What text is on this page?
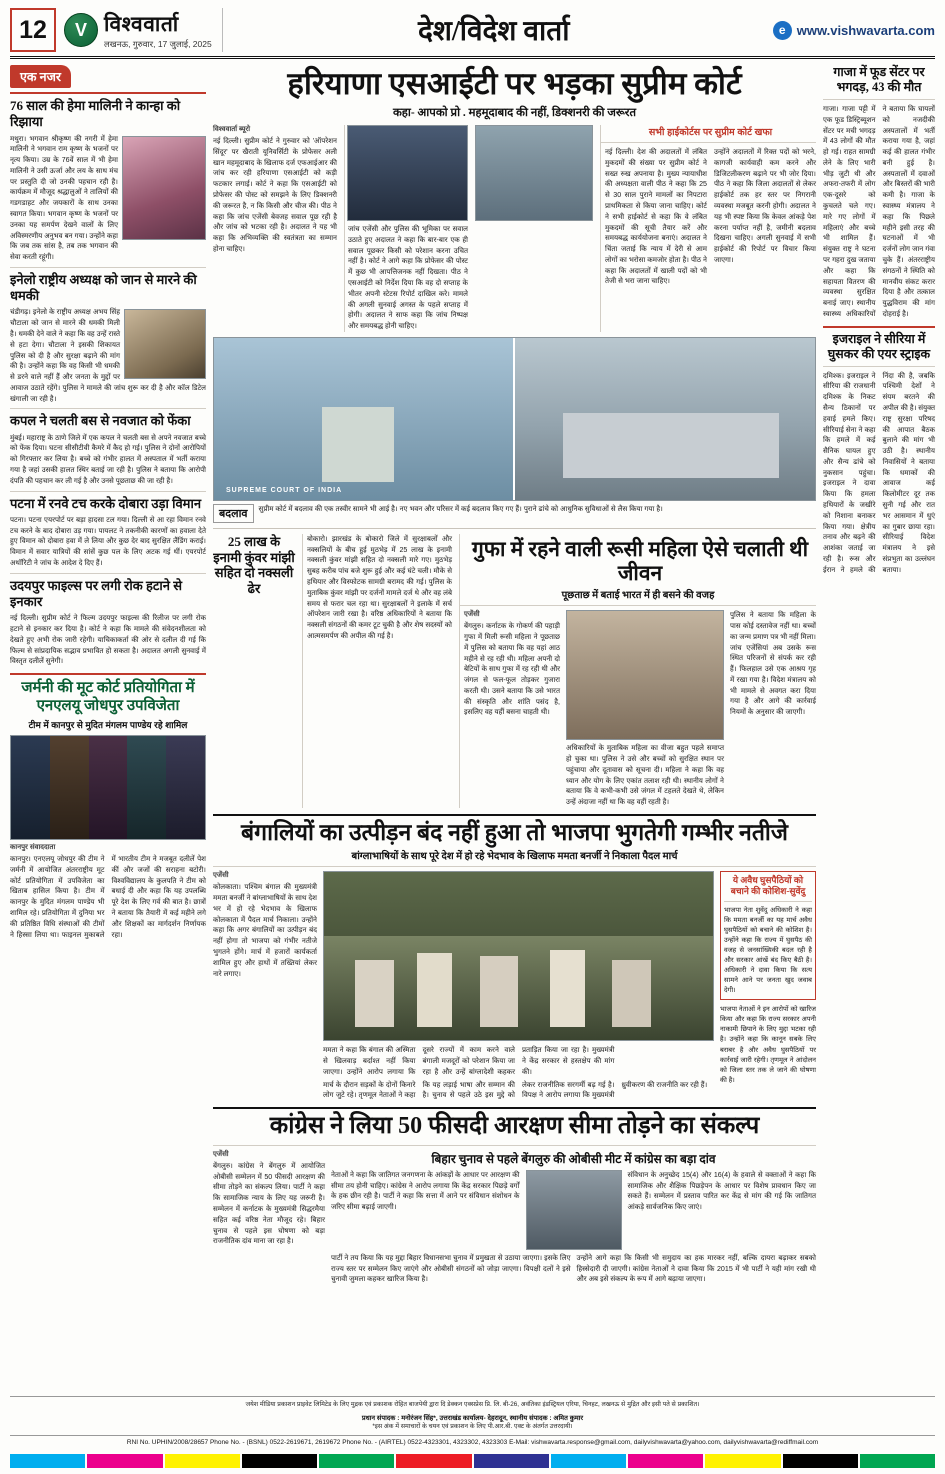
12 V	विश्ववार्ता
लखनऊ, गुरुवार, 17 जुलाई, 2025	देश/विदेश वार्ता	e www.vishwavarta.com
एक नजर
76 साल की हेमा मालिनी ने कान्हा को रिझाया
मथुरा। भगवान श्रीकृष्ण की नगरी में हेमा मालिनी ने भगवान राम कृष्ण के भजनों पर नृत्य किया। उम्र के 76वें साल में भी हेमा मालिनी ने उसी ऊर्जा और लय के साथ मंच पर प्रस्तुति दी जो उनकी पहचान रही है। कार्यक्रम में मौजूद श्रद्धालुओं ने तालियों की गडगडाहट और जयकारों के साथ उनका स्वागत किया। भगवान कृष्ण के भजनों पर उनका यह समर्पण देखने वालों के लिए अविस्मरणीय अनुभव बन गया। उन्होंने कहा कि जब तक सांस है, तब तक भगवान की सेवा करती रहूंगी।
इनेलो राष्ट्रीय अध्यक्ष को जान से मारने की धमकी
चंडीगढ़। इनेलो के राष्ट्रीय अध्यक्ष अभय सिंह चौटाला को जान से मारने की धमकी मिली है। धमकी देने वाले ने कहा कि वह उन्हें रास्ते से हटा देगा। चौटाला ने इसकी शिकायत पुलिस को दी है और सुरक्षा बढ़ाने की मांग की है। उन्होंने कहा कि वह किसी भी धमकी से डरने वाले नहीं हैं और जनता के मुद्दों पर आवाज उठाते रहेंगे। पुलिस ने मामले की जांच शुरू कर दी है और कॉल डिटेल खंगाली जा रही है।
कपल ने चलती बस से नवजात को फेंका
मुंबई। महाराष्ट्र के ठाणे जिले में एक कपल ने चलती बस से अपने नवजात बच्चे को फेंक दिया। घटना सीसीटीवी कैमरे में कैद हो गई। पुलिस ने दोनों आरोपियों को गिरफ्तार कर लिया है। बच्चे को गंभीर हालत में अस्पताल में भर्ती कराया गया है जहां उसकी हालत स्थिर बताई जा रही है। पुलिस ने बताया कि आरोपी दंपति की पहचान कर ली गई है और उनसे पूछताछ की जा रही है।
पटना में रनवे टच करके दोबारा उड़ा विमान
पटना। पटना एयरपोर्ट पर बड़ा हादसा टल गया। दिल्ली से आ रहा विमान रनवे टच करने के बाद दोबारा उड़ गया। पायलट ने तकनीकी कारणों का हवाला देते हुए विमान को दोबारा हवा में ले लिया और कुछ देर बाद सुरक्षित लैंडिंग कराई। विमान में सवार यात्रियों की सांसें कुछ पल के लिए अटक गई थीं। एयरपोर्ट अथॉरिटी ने जांच के आदेश दे दिए हैं।
उदयपुर फाइल्स पर लगी रोक हटाने से इनकार
नई दिल्ली। सुप्रीम कोर्ट ने फिल्म उदयपुर फाइल्स की रिलीज पर लगी रोक हटाने से इनकार कर दिया है। कोर्ट ने कहा कि मामले की संवेदनशीलता को देखते हुए अभी रोक जारी रहेगी। याचिकाकर्ता की ओर से दलील दी गई कि फिल्म से सांप्रदायिक सद्भाव प्रभावित हो सकता है। अदालत अगली सुनवाई में विस्तृत दलीलें सुनेगी।
जर्मनी की मूट कोर्ट प्रतियोगिता में एनएलयू जोधपुर उपविजेता
टीम में कानपुर से मुदित मंगलम पाण्डेय रहे शामिल
कानपुर संवाददाता
कानपुर। एनएलयू जोधपुर की टीम ने जर्मनी में आयोजित अंतरराष्ट्रीय मूट कोर्ट प्रतियोगिता में उपविजेता का खिताब हासिल किया है। टीम में कानपुर के मुदित मंगलम पाण्डेय भी शामिल रहे। प्रतियोगिता में दुनिया भर की प्रतिष्ठित विधि संस्थाओं की टीमों ने हिस्सा लिया था। फाइनल मुकाबले में भारतीय टीम ने मजबूत दलीलें पेश कीं और जजों की सराहना बटोरी। विश्वविद्यालय के कुलपति ने टीम को बधाई दी और कहा कि यह उपलब्धि पूरे देश के लिए गर्व की बात है। छात्रों ने बताया कि तैयारी में कई महीने लगे और शिक्षकों का मार्गदर्शन निर्णायक रहा।
हरियाणा एसआईटी पर भड़का सुप्रीम कोर्ट
कहा- आपको प्रो . महमूदाबाद की नहीं, डिक्शनरी की जरूरत
विश्ववार्ता ब्यूरो
नई दिल्ली। सुप्रीम कोर्ट ने गुरुवार को 'ऑपरेशन सिंदूर' पर खैराती यूनिवर्सिटी के प्रोफेसर अली खान महमूदाबाद के खिलाफ दर्ज एफआईआर की जांच कर रही हरियाणा एसआईटी को कड़ी फटकार लगाई। कोर्ट ने कहा कि एसआईटी को प्रोफेसर की पोस्ट को समझने के लिए डिक्शनरी की जरूरत है, न कि किसी और चीज की। पीठ ने कहा कि जांच एजेंसी बेवजह सवाल पूछ रही है और जांच को भटका रही है। अदालत ने यह भी कहा कि अभिव्यक्ति की स्वतंत्रता का सम्मान होना चाहिए।
जांच एजेंसी और पुलिस की भूमिका पर सवाल उठाते हुए अदालत ने कहा कि बार-बार एक ही सवाल पूछकर किसी को परेशान करना उचित नहीं है। कोर्ट ने आगे कहा कि प्रोफेसर की पोस्ट में कुछ भी आपत्तिजनक नहीं दिखता। पीठ ने एसआईटी को निर्देश दिया कि वह दो सप्ताह के भीतर अपनी स्टेटस रिपोर्ट दाखिल करे। मामले की अगली सुनवाई अगस्त के पहले सप्ताह में होगी। अदालत ने साफ कहा कि जांच निष्पक्ष और समयबद्ध होनी चाहिए।
सभी हाईकोर्टस पर सुप्रीम कोर्ट खफा
नई दिल्ली। देश की अदालतों में लंबित मुकदमों की संख्या पर सुप्रीम कोर्ट ने सख्त रुख अपनाया है। मुख्य न्यायाधीश की अध्यक्षता वाली पीठ ने कहा कि 25 से 30 साल पुराने मामलों का निपटारा प्राथमिकता से किया जाना चाहिए। कोर्ट ने सभी हाईकोर्ट से कहा कि वे लंबित मुकदमों की सूची तैयार करें और समयबद्ध कार्ययोजना बनाएं। अदालत ने चिंता जताई कि न्याय में देरी से आम लोगों का भरोसा कमजोर होता है। पीठ ने कहा कि अदालतों में खाली पदों को भी तेजी से भरा जाना चाहिए।
उन्होंने अदालतों में रिक्त पदों को भरने, कागजी कार्यवाही कम करने और डिजिटलीकरण बढ़ाने पर भी जोर दिया। पीठ ने कहा कि जिला अदालतों से लेकर हाईकोर्ट तक हर स्तर पर निगरानी व्यवस्था मजबूत करनी होगी। अदालत ने यह भी स्पष्ट किया कि केवल आंकड़े पेश करना पर्याप्त नहीं है, जमीनी बदलाव दिखना चाहिए। अगली सुनवाई में सभी हाईकोर्ट की रिपोर्ट पर विचार किया जाएगा।
SUPREME COURT OF INDIA
बदलाव	सुप्रीम कोर्ट में बदलाव की एक तस्वीर सामने भी आई है। नए भवन और परिसर में कई बदलाव किए गए हैं। पुराने ढांचे को आधुनिक सुविधाओं से लैस किया गया है।
25 लाख के इनामी कुंवर मांझी सहित दो नक्सली ढेर
बोकारो। झारखंड के बोकारो जिले में सुरक्षाबलों और नक्सलियों के बीच हुई मुठभेड़ में 25 लाख के इनामी नक्सली कुंवर मांझी सहित दो नक्सली मारे गए। मुठभेड़ सुबह करीब पांच बजे शुरू हुई और कई घंटे चली। मौके से हथियार और विस्फोटक सामग्री बरामद की गई। पुलिस के मुताबिक कुंवर मांझी पर दर्जनों मामले दर्ज थे और वह लंबे समय से फरार चल रहा था। सुरक्षाबलों ने इलाके में सर्च ऑपरेशन जारी रखा है। वरिष्ठ अधिकारियों ने बताया कि नक्सली संगठनों की कमर टूट चुकी है और शेष सदस्यों को आत्मसमर्पण की अपील की गई है।
गुफा में रहने वाली रूसी महिला ऐसे चलाती थी जीवन
पूछताछ में बताई भारत में ही बसने की वजह
एजेंसी
बेंगलुरु। कर्नाटक के गोकर्ण की पहाड़ी गुफा में मिली रूसी महिला ने पूछताछ में पुलिस को बताया कि वह यहां आठ महीने से रह रही थी। महिला अपनी दो बेटियों के साथ गुफा में रह रही थी और जंगल से फल-फूल तोड़कर गुजारा करती थी। उसने बताया कि उसे भारत की संस्कृति और शांति पसंद है, इसलिए वह यहीं बसना चाहती थी।
अधिकारियों के मुताबिक महिला का वीजा बहुत पहले समाप्त हो चुका था। पुलिस ने उसे और बच्चों को सुरक्षित स्थान पर पहुंचाया और दूतावास को सूचना दी। महिला ने कहा कि वह ध्यान और योग के लिए एकांत तलाश रही थी। स्थानीय लोगों ने बताया कि वे कभी-कभी उसे जंगल में टहलते देखते थे, लेकिन उन्हें अंदाजा नहीं था कि वह वहीं रहती है।
पुलिस ने बताया कि महिला के पास कोई दस्तावेज नहीं था। बच्चों का जन्म प्रमाण पत्र भी नहीं मिला। जांच एजेंसियां अब उसके रूस स्थित परिजनों से संपर्क कर रही हैं। फिलहाल उसे एक आश्रय गृह में रखा गया है। विदेश मंत्रालय को भी मामले से अवगत करा दिया गया है और आगे की कार्रवाई नियमों के अनुसार की जाएगी।
बंगालियों का उत्पीड़न बंद नहीं हुआ तो भाजपा भुगतेगी गम्भीर नतीजे
बांग्लाभाषियों के साथ पूरे देश में हो रहे भेदभाव के खिलाफ ममता बनर्जी ने निकाला पैदल मार्च
एजेंसी
कोलकाता। पश्चिम बंगाल की मुख्यमंत्री ममता बनर्जी ने बांग्लाभाषियों के साथ देश भर में हो रहे भेदभाव के खिलाफ कोलकाता में पैदल मार्च निकाला। उन्होंने कहा कि अगर बंगालियों का उत्पीड़न बंद नहीं होगा तो भाजपा को गंभीर नतीजे भुगतने होंगे। मार्च में हजारों कार्यकर्ता शामिल हुए और हाथों में तख्तियां लेकर नारे लगाए।
ममता ने कहा कि बंगाल की अस्मिता से खिलवाड़ बर्दाश्त नहीं किया जाएगा। उन्होंने आरोप लगाया कि दूसरे राज्यों में काम करने वाले बंगाली मजदूरों को परेशान किया जा रहा है और उन्हें बांग्लादेशी कहकर प्रताड़ित किया जा रहा है। मुख्यमंत्री ने केंद्र सरकार से हस्तक्षेप की मांग की।
मार्च के दौरान सड़कों के दोनों किनारे लोग जुटे रहे। तृणमूल नेताओं ने कहा कि यह लड़ाई भाषा और सम्मान की है। चुनाव से पहले उठे इस मुद्दे को लेकर राजनीतिक सरगर्मी बढ़ गई है। विपक्ष ने आरोप लगाया कि मुख्यमंत्री ध्रुवीकरण की राजनीति कर रही हैं।
ये अवैध घुसपैठियों को बचाने की कोशिश-सुवेंदु
भाजपा नेता शुवेंदु अधिकारी ने कहा कि ममता बनर्जी का यह मार्च अवैध घुसपैठियों को बचाने की कोशिश है। उन्होंने कहा कि राज्य में घुसपैठ की वजह से जनसांख्यिकी बदल रही है और सरकार आंखें बंद किए बैठी है। अधिकारी ने दावा किया कि सत्य सामने आने पर जनता खुद जवाब देगी।
भाजपा नेताओं ने इन आरोपों को खारिज किया और कहा कि राज्य सरकार अपनी नाकामी छिपाने के लिए मुद्दा भटका रही है। उन्होंने कहा कि कानून सबके लिए बराबर है और अवैध घुसपैठियों पर कार्रवाई जारी रहेगी। तृणमूल ने आंदोलन को जिला स्तर तक ले जाने की घोषणा की है।
कांग्रेस ने लिया 50 फीसदी आरक्षण सीमा तोड़ने का संकल्प
एजेंसी
बेंगलुरु। कांग्रेस ने बेंगलुरु में आयोजित ओबीसी सम्मेलन में 50 फीसदी आरक्षण की सीमा तोड़ने का संकल्प लिया। पार्टी ने कहा कि सामाजिक न्याय के लिए यह जरूरी है। सम्मेलन में कर्नाटक के मुख्यमंत्री सिद्धरमैया सहित कई वरिष्ठ नेता मौजूद रहे। बिहार चुनाव से पहले इस घोषणा को बड़ा राजनीतिक दांव माना जा रहा है।
बिहार चुनाव से पहले बेंगलुरु की ओबीसी मीट में कांग्रेस का बड़ा दांव
नेताओं ने कहा कि जातिगत जनगणना के आंकड़ों के आधार पर आरक्षण की सीमा तय होनी चाहिए। कांग्रेस ने आरोप लगाया कि केंद्र सरकार पिछड़े वर्गों के हक छीन रही है। पार्टी ने कहा कि सत्ता में आने पर संविधान संशोधन के जरिए सीमा बढ़ाई जाएगी।
संविधान के अनुच्छेद 15(4) और 16(4) के हवाले से वक्ताओं ने कहा कि सामाजिक और शैक्षिक पिछड़ेपन के आधार पर विशेष प्रावधान किए जा सकते हैं। सम्मेलन में प्रस्ताव पारित कर केंद्र से मांग की गई कि जातिगत आंकड़े सार्वजनिक किए जाएं।
पार्टी ने तय किया कि यह मुद्दा बिहार विधानसभा चुनाव में प्रमुखता से उठाया जाएगा। इसके लिए राज्य स्तर पर सम्मेलन किए जाएंगे और ओबीसी संगठनों को जोड़ा जाएगा। विपक्षी दलों ने इसे चुनावी जुमला कहकर खारिज किया है।
उन्होंने आगे कहा कि किसी भी समुदाय का हक मारकर नहीं, बल्कि दायरा बढ़ाकर सबको हिस्सेदारी दी जाएगी। कांग्रेस नेताओं ने दावा किया कि 2015 में भी पार्टी ने यही मांग रखी थी और अब इसे संकल्प के रूप में आगे बढ़ाया जाएगा।
गाजा में फूड सेंटर पर भगदड़, 43 की मौत
गाजा। गाजा पट्टी में एक फूड डिस्ट्रिब्यूशन सेंटर पर मची भगदड़ में 43 लोगों की मौत हो गई। राहत सामग्री लेने के लिए भारी भीड़ जुटी थी और अफरा-तफरी में लोग एक-दूसरे को कुचलते चले गए। मारे गए लोगों में महिलाएं और बच्चे भी शामिल हैं। संयुक्त राष्ट्र ने घटना पर गहरा दुख जताया और कहा कि सहायता वितरण की व्यवस्था सुरक्षित बनाई जाए। स्थानीय स्वास्थ्य अधिकारियों ने बताया कि घायलों को नजदीकी अस्पतालों में भर्ती कराया गया है, जहां कई की हालत गंभीर बनी हुई है। अस्पतालों में दवाओं और बिस्तरों की भारी कमी है। गाजा के स्वास्थ्य मंत्रालय ने कहा कि पिछले महीने इसी तरह की घटनाओं में भी दर्जनों लोग जान गंवा चुके हैं। अंतरराष्ट्रीय संगठनों ने स्थिति को मानवीय संकट करार दिया है और तत्काल युद्धविराम की मांग दोहराई है।
इजराइल ने सीरिया में घुसकर की एयर स्ट्राइक
दमिश्क। इजराइल ने सीरिया की राजधानी दमिश्क के निकट सैन्य ठिकानों पर हवाई हमले किए। सीरियाई सेना ने कहा कि हमले में कई सैनिक घायल हुए और सैन्य ढांचे को नुकसान पहुंचा। इजराइल ने दावा किया कि हमला हथियारों के जखीरे को निशाना बनाकर किया गया। क्षेत्रीय तनाव और बढ़ने की आशंका जताई जा रही है। रूस और ईरान ने हमले की निंदा की है, जबकि पश्चिमी देशों ने संयम बरतने की अपील की है। संयुक्त राष्ट्र सुरक्षा परिषद की आपात बैठक बुलाने की मांग भी उठी है। स्थानीय निवासियों ने बताया कि धमाकों की आवाज कई किलोमीटर दूर तक सुनी गई और रात भर आसमान में धुएं का गुबार छाया रहा। सीरियाई विदेश मंत्रालय ने इसे संप्रभुता का उल्लंघन बताया।
जयेश मीडिया प्रकाशन प्राइवेट लिमिटेड के लिए मुद्रक एवं प्रकाशक रोहित बाजपेयी द्वारा दि डेक्कन एक्सप्रेस प्रि. लि. बी-26, अवंतिका इंडस्ट्रियल एरिया, चिनहट, लखनऊ से मुद्रित और इसी पते से प्रकाशित।
प्रधान संपादक : मनोरंजन सिंह*, उत्तराखंड कार्यालय- देहरादून, स्थानीय संपादक : अमित कुमार
*इस अंक में समाचारों के चयन एवं प्रकाशन के लिए पी.आर.बी. एक्ट के अंतर्गत उत्तरदायी।
RNI No. UPHIN/2008/28657 Phone No. - (BSNL) 0522-2619671, 2619672 Phone No. - (AIRTEL) 0522-4323301, 4323302, 4323303 E-Mail: vishwavarta.response@gmail.com, dailyvishwavarta@yahoo.com, dailyvishwavarta@rediffmail.com
